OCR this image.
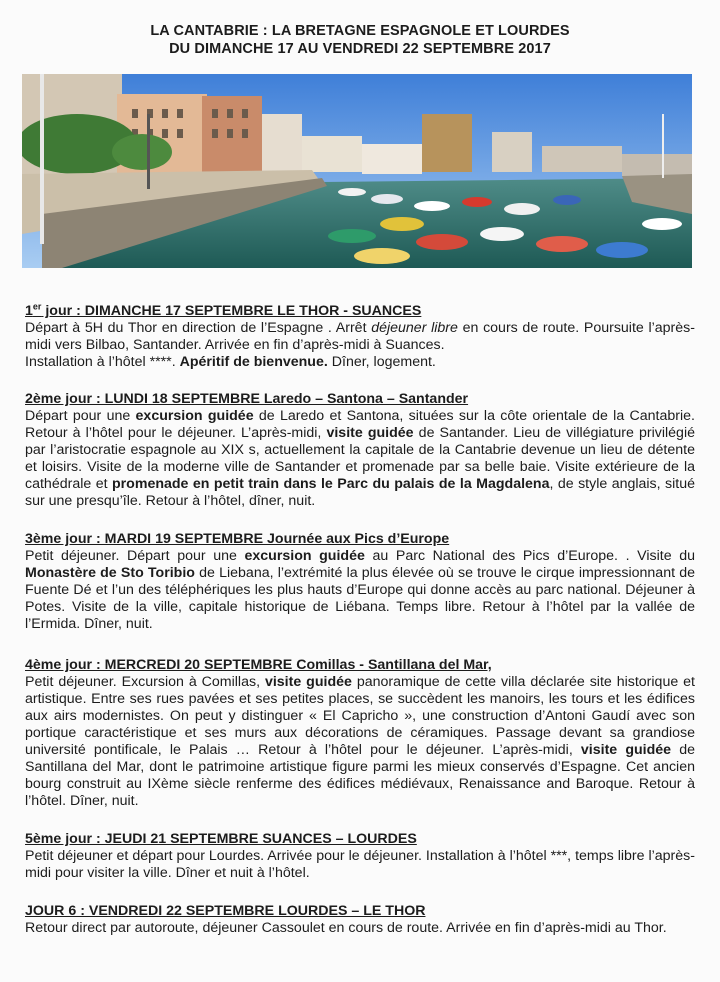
LA CANTABRIE : LA BRETAGNE ESPAGNOLE ET LOURDES
DU DIMANCHE 17 AU VENDREDI 22 SEPTEMBRE 2017
1er jour : DIMANCHE 17 SEPTEMBRE LE THOR - SUANCES

Départ à 5H du Thor en direction de l’Espagne . Arrêt déjeuner libre en cours de route. Poursuite l’après-midi vers Bilbao, Santander. Arrivée en fin d’après-midi à Suances.

Installation à l’hôtel ****. Apéritif de bienvenue. Dîner, logement.

2ème jour : LUNDI 18 SEPTEMBRE Laredo – Santona – Santander
Départ pour une excursion guidée de Laredo et Santona, situées sur la côte orientale de la Cantabrie. Retour à l’hôtel pour le déjeuner. L’après-midi, visite guidée de Santander. Lieu de villégiature privilégié par l’aristocratie espagnole au XIX s, actuellement la capitale de la Cantabrie devenue un lieu de détente et loisirs. Visite de la moderne ville de Santander et promenade par sa belle baie. Visite extérieure de la cathédrale et promenade en petit train dans le Parc du palais de la Magdalena, de style anglais, situé sur une presqu’île. Retour à l’hôtel, dîner, nuit.
3ème jour : MARDI 19 SEPTEMBRE Journée aux Pics d’Europe
Petit déjeuner. Départ pour une excursion guidée au Parc National des Pics d’Europe. . Visite du Monastère de Sto Toribio de Liebana, l’extrémité la plus élevée où se trouve le cirque impressionnant de Fuente Dé et l’un des téléphériques les plus hauts d’Europe qui donne accès au parc national. Déjeuner à Potes. Visite de la ville, capitale historique de Liébana. Temps libre. Retour à l’hôtel par la vallée de l’Ermida. Dîner, nuit.
4ème jour : MERCREDI 20 SEPTEMBRE Comillas - Santillana del Mar,
Petit déjeuner. Excursion à Comillas, visite guidée panoramique de cette villa déclarée site historique et artistique. Entre ses rues pavées et ses petites places, se succèdent les manoirs, les tours et les édifices aux airs modernistes. On peut y distinguer « El Capricho », une construction d’Antoni Gaudí avec son portique caractéristique et ses murs aux décorations de céramiques. Passage devant sa grandiose université pontificale, le Palais … Retour à l’hôtel pour le déjeuner. L’après-midi, visite guidée de Santillana del Mar, dont le patrimoine artistique figure parmi les mieux conservés d’Espagne. Cet ancien bourg construit au IXème siècle renferme des édifices médiévaux, Renaissance and Baroque. Retour à l’hôtel. Dîner, nuit.
5ème jour : JEUDI 21 SEPTEMBRE SUANCES – LOURDES
Petit déjeuner et départ pour Lourdes. Arrivée pour le déjeuner. Installation à l’hôtel ***, temps libre l’après-midi pour visiter la ville. Dîner et nuit à l’hôtel.
JOUR 6 : VENDREDI 22 SEPTEMBRE LOURDES – LE THOR
Retour direct par autoroute, déjeuner Cassoulet en cours de route. Arrivée en fin d’après-midi au Thor.
